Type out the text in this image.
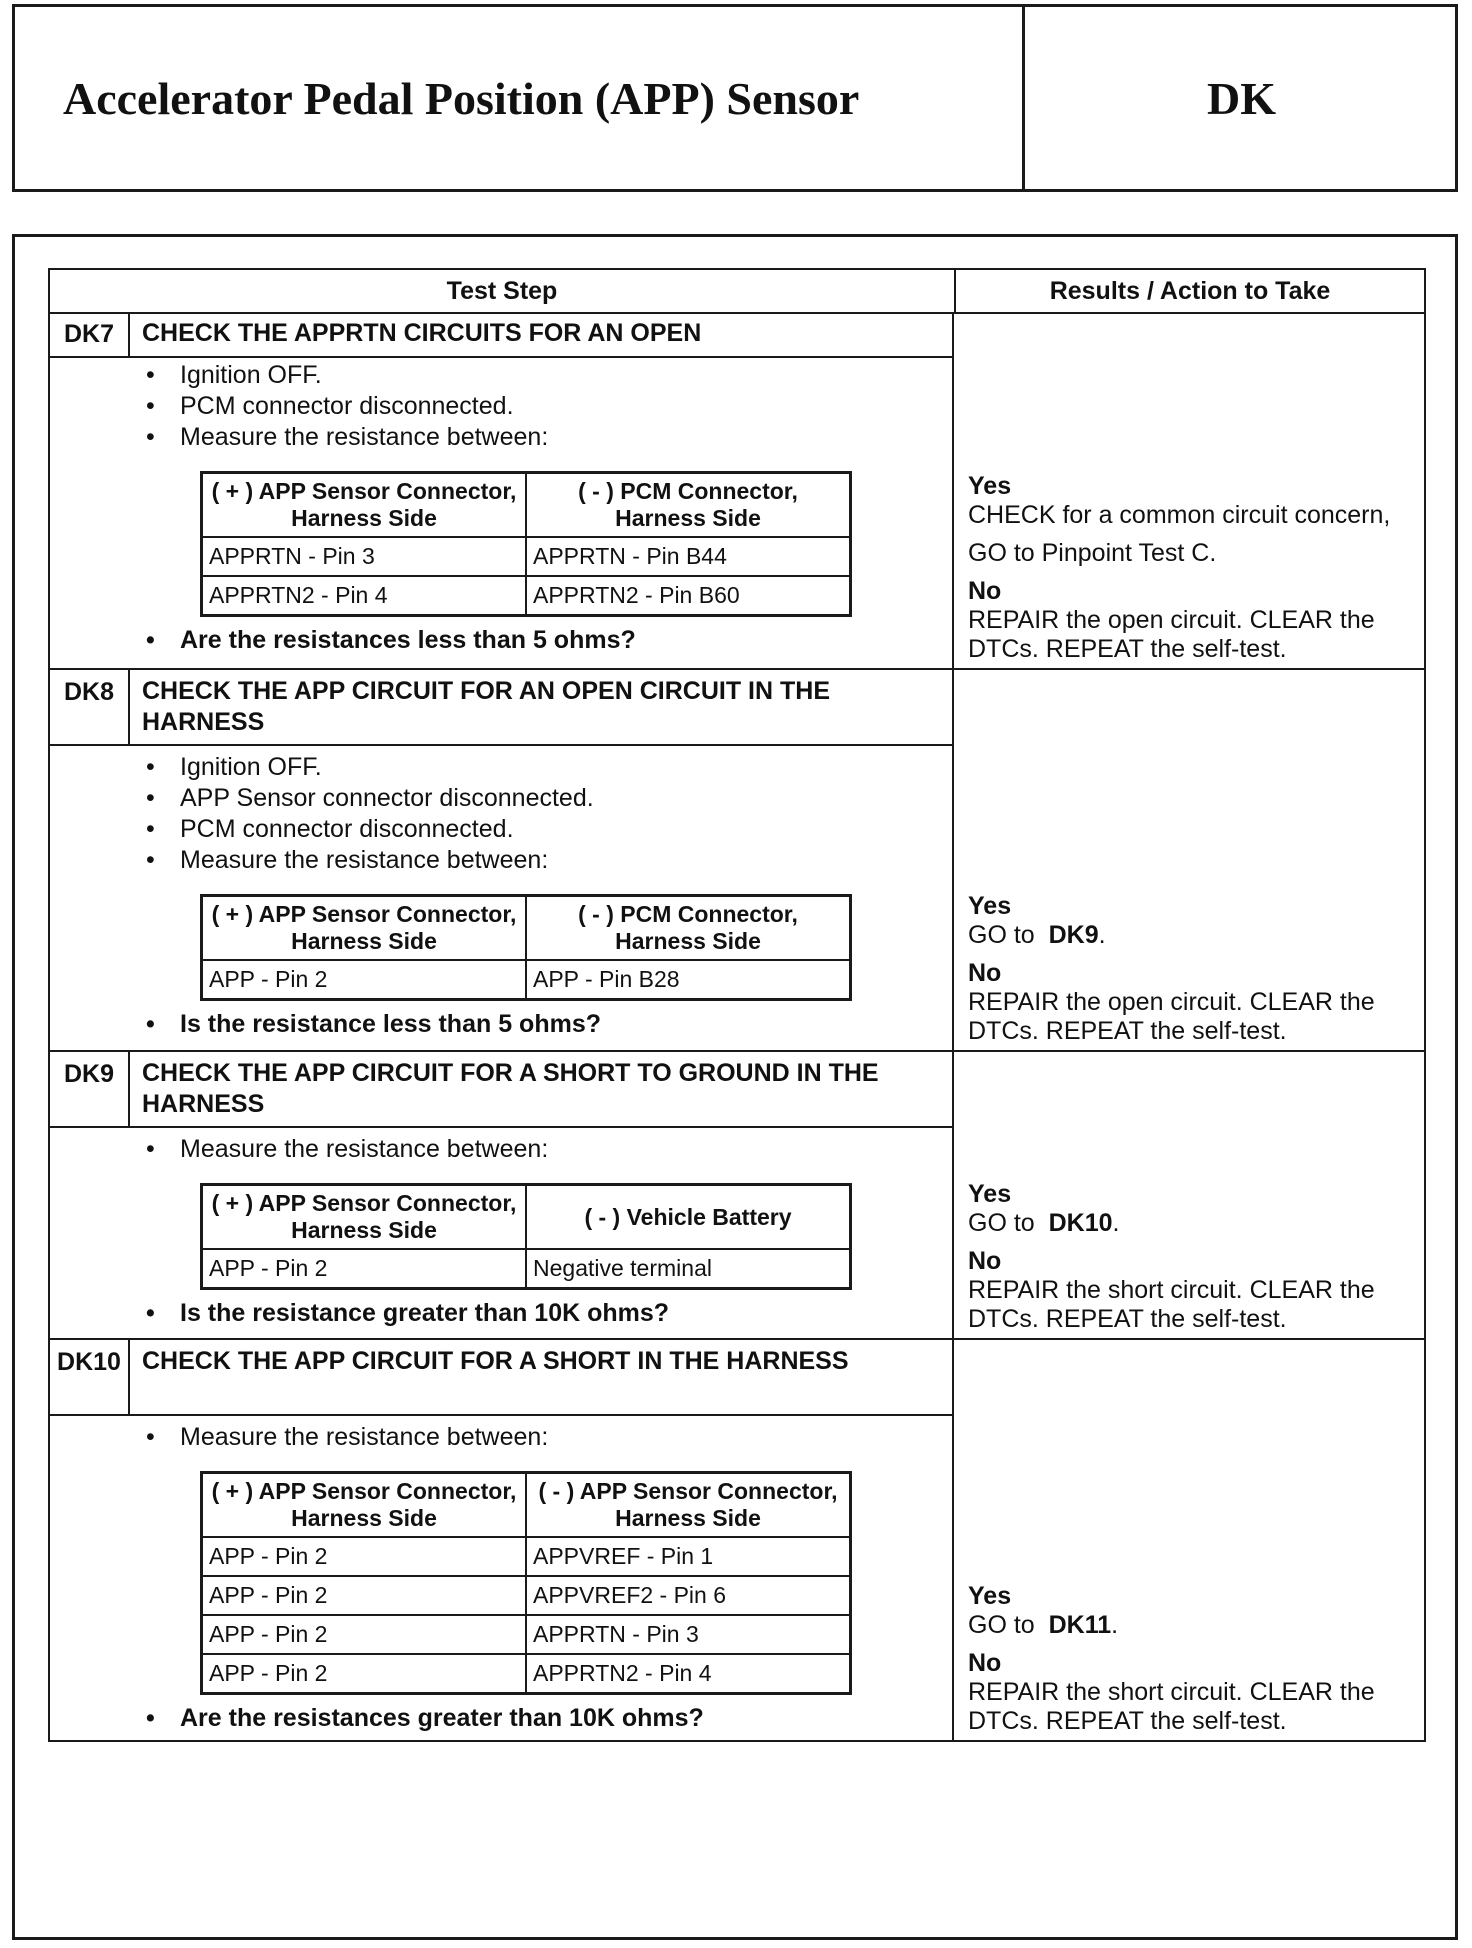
Accelerator Pedal Position (APP) Sensor	DK
Test Step	Results / Action to Take
DK7	CHECK THE APPRTN CIRCUITS FOR AN OPEN
•	Ignition OFF.
•	PCM connector disconnected.
•	Measure the resistance between:
( + ) APP Sensor Connector, Harness Side	( - ) PCM Connector, Harness Side
APPRTN - Pin 3	APPRTN - Pin B44
APPRTN2 - Pin 4	APPRTN2 - Pin B60
•	Are the resistances less than 5 ohms?
Yes
CHECK for a common circuit concern,
GO to Pinpoint Test C.
No
REPAIR the open circuit. CLEAR the DTCs. REPEAT the self-test.
DK8	CHECK THE APP CIRCUIT FOR AN OPEN CIRCUIT IN THE HARNESS
•	Ignition OFF.
•	APP Sensor connector disconnected.
•	PCM connector disconnected.
•	Measure the resistance between:
( + ) APP Sensor Connector, Harness Side	( - ) PCM Connector, Harness Side
APP - Pin 2	APP - Pin B28
•	Is the resistance less than 5 ohms?
Yes
GO to DK9.
No
REPAIR the open circuit. CLEAR the DTCs. REPEAT the self-test.
DK9	CHECK THE APP CIRCUIT FOR A SHORT TO GROUND IN THE HARNESS
•	Measure the resistance between:
( + ) APP Sensor Connector, Harness Side	( - ) Vehicle Battery
APP - Pin 2	Negative terminal
•	Is the resistance greater than 10K ohms?
Yes
GO to DK10.
No
REPAIR the short circuit. CLEAR the DTCs. REPEAT the self-test.
DK10 CHECK THE APP CIRCUIT FOR A SHORT IN THE HARNESS
•	Measure the resistance between:
( + ) APP Sensor Connector, Harness Side	( - ) APP Sensor Connector, Harness Side
APP - Pin 2	APPVREF - Pin 1
APP - Pin 2	APPVREF2 - Pin 6
APP - Pin 2	APPRTN - Pin 3
APP - Pin 2	APPRTN2 - Pin 4
•	Are the resistances greater than 10K ohms?
Yes
GO to DK11.
No
REPAIR the short circuit. CLEAR the DTCs. REPEAT the self-test.
